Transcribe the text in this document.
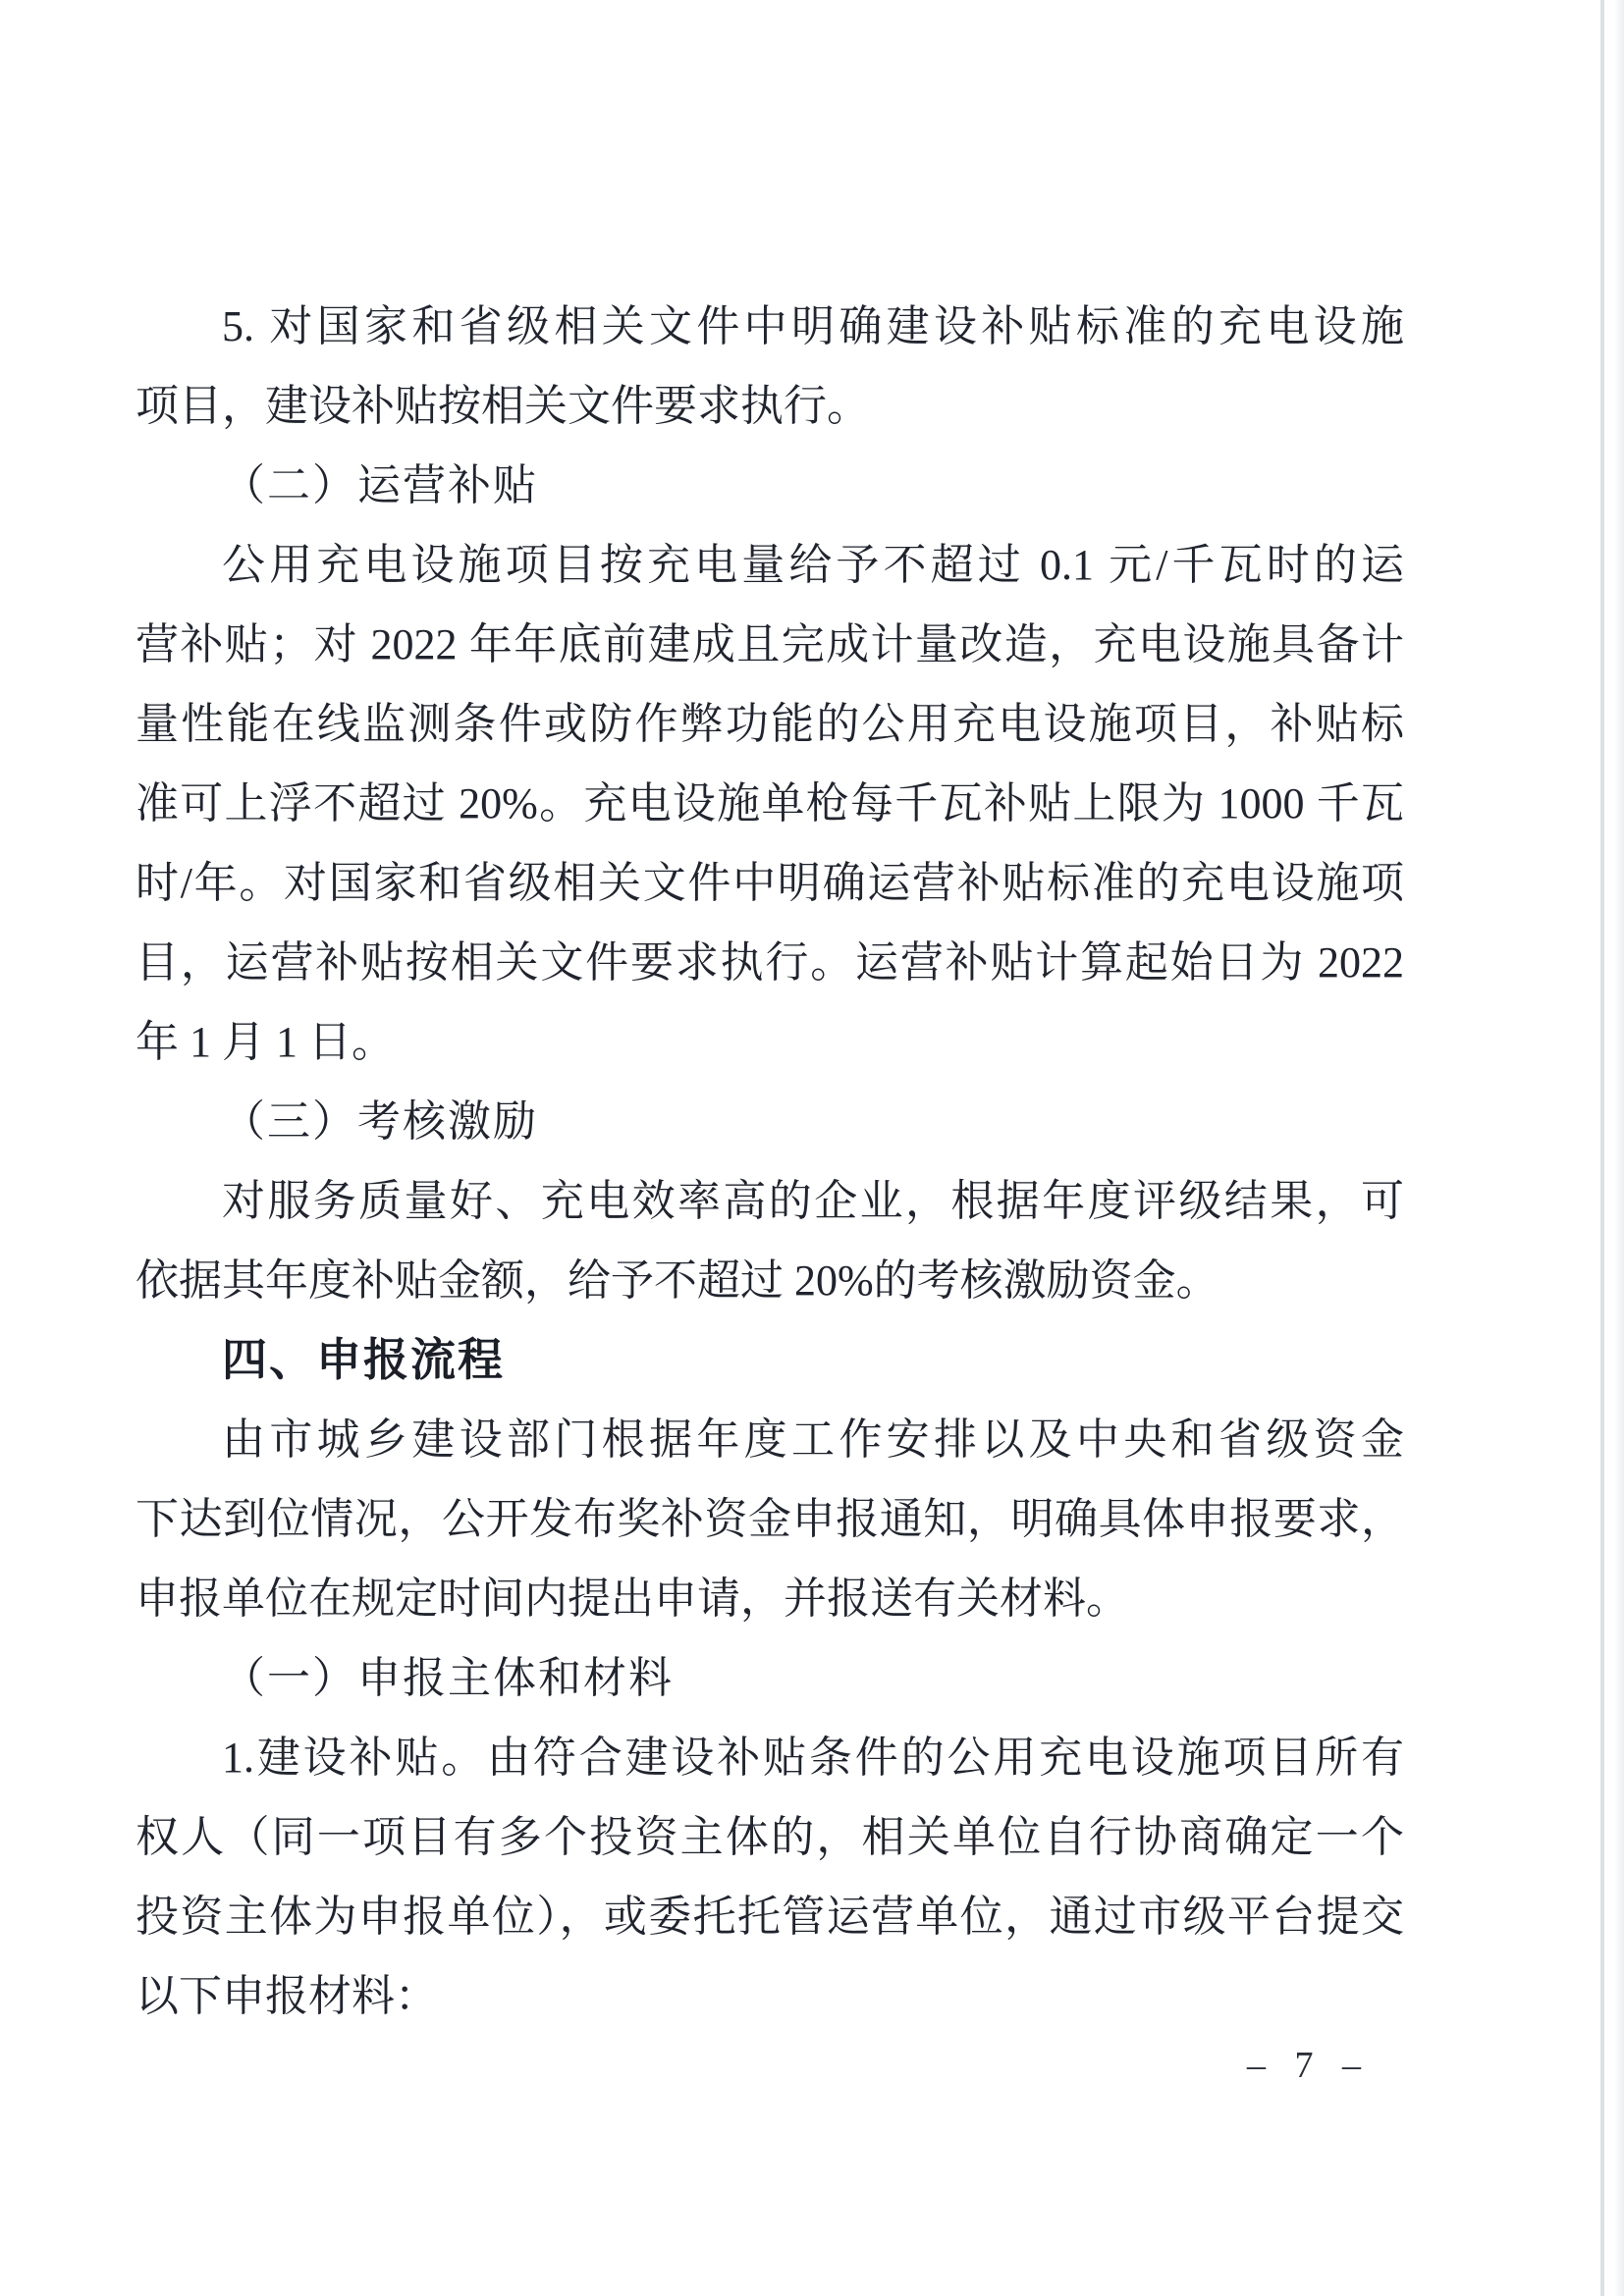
5. 对国家和省级相关文件中明确建设补贴标准的充电设施
项目，建设补贴按相关文件要求执行。
（二）运营补贴
公用充电设施项目按充电量给予不超过 0.1 元/千瓦时的运
营补贴；对 2022 年年底前建成且完成计量改造，充电设施具备计
量性能在线监测条件或防作弊功能的公用充电设施项目，补贴标
准可上浮不超过 20%。充电设施单枪每千瓦补贴上限为 1000 千瓦
时/年。对国家和省级相关文件中明确运营补贴标准的充电设施项
目，运营补贴按相关文件要求执行。运营补贴计算起始日为 2022
年 1 月 1 日。
（三）考核激励
对服务质量好、充电效率高的企业，根据年度评级结果，可
依据其年度补贴金额，给予不超过 20%的考核激励资金。
四、申报流程
由市城乡建设部门根据年度工作安排以及中央和省级资金
下达到位情况，公开发布奖补资金申报通知，明确具体申报要求，
申报单位在规定时间内提出申请，并报送有关材料。
（一）申报主体和材料
1.建设补贴。由符合建设补贴条件的公用充电设施项目所有
权人（同一项目有多个投资主体的，相关单位自行协商确定一个
投资主体为申报单位），或委托托管运营单位，通过市级平台提交
以下申报材料：
– 7 –
